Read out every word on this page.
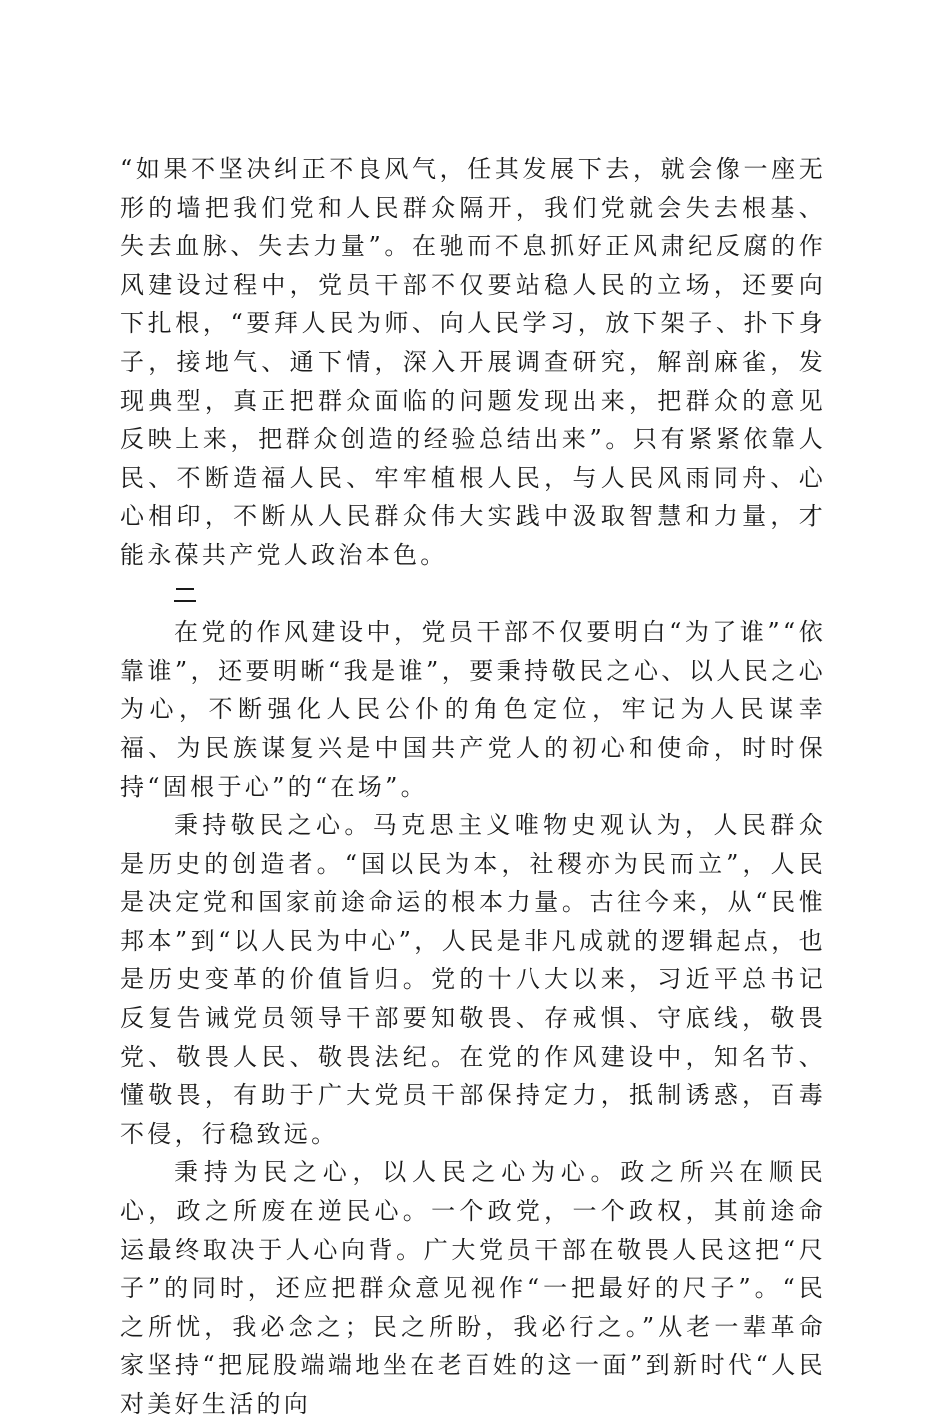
“如果不坚决纠正不良风气，任其发展下去，就会像一座无形的墙把我们党和人民群众隔开，我们党就会失去根基、失去血脉、失去力量”。在驰而不息抓好正风肃纪反腐的作风建设过程中，党员干部不仅要站稳人民的立场，还要向下扎根，“要拜人民为师、向人民学习，放下架子、扑下身子，接地气、通下情，深入开展调查研究，解剖麻雀，发现典型，真正把群众面临的问题发现出来，把群众的意见反映上来，把群众创造的经验总结出来”。只有紧紧依靠人民、不断造福人民、牢牢植根人民，与人民风雨同舟、心心相印，不断从人民群众伟大实践中汲取智慧和力量，才能永葆共产党人政治本色。

在党的作风建设中，党员干部不仅要明白“为了谁”“依靠谁”，还要明晰“我是谁”，要秉持敬民之心、以人民之心为心，不断强化人民公仆的角色定位，牢记为人民谋幸福、为民族谋复兴是中国共产党人的初心和使命，时时保持“固根于心”的“在场”。

秉持敬民之心。马克思主义唯物史观认为，人民群众是历史的创造者。“国以民为本，社稷亦为民而立”，人民是决定党和国家前途命运的根本力量。古往今来，从“民惟邦本”到“以人民为中心”，人民是非凡成就的逻辑起点，也是历史变革的价值旨归。党的十八大以来，习近平总书记反复告诫党员领导干部要知敬畏、存戒惧、守底线，敬畏党、敬畏人民、敬畏法纪。在党的作风建设中，知名节、懂敬畏，有助于广大党员干部保持定力，抵制诱惑，百毒不侵，行稳致远。

秉持为民之心，以人民之心为心。政之所兴在顺民心，政之所废在逆民心。一个政党，一个政权，其前途命运最终取决于人心向背。广大党员干部在敬畏人民这把“尺子”的同时，还应把群众意见视作“一把最好的尺子”。“民之所忧，我必念之；民之所盼，我必行之。”从老一辈革命家坚持“把屁股端端地坐在老百姓的这一面”到新时代“人民对美好生活的向
